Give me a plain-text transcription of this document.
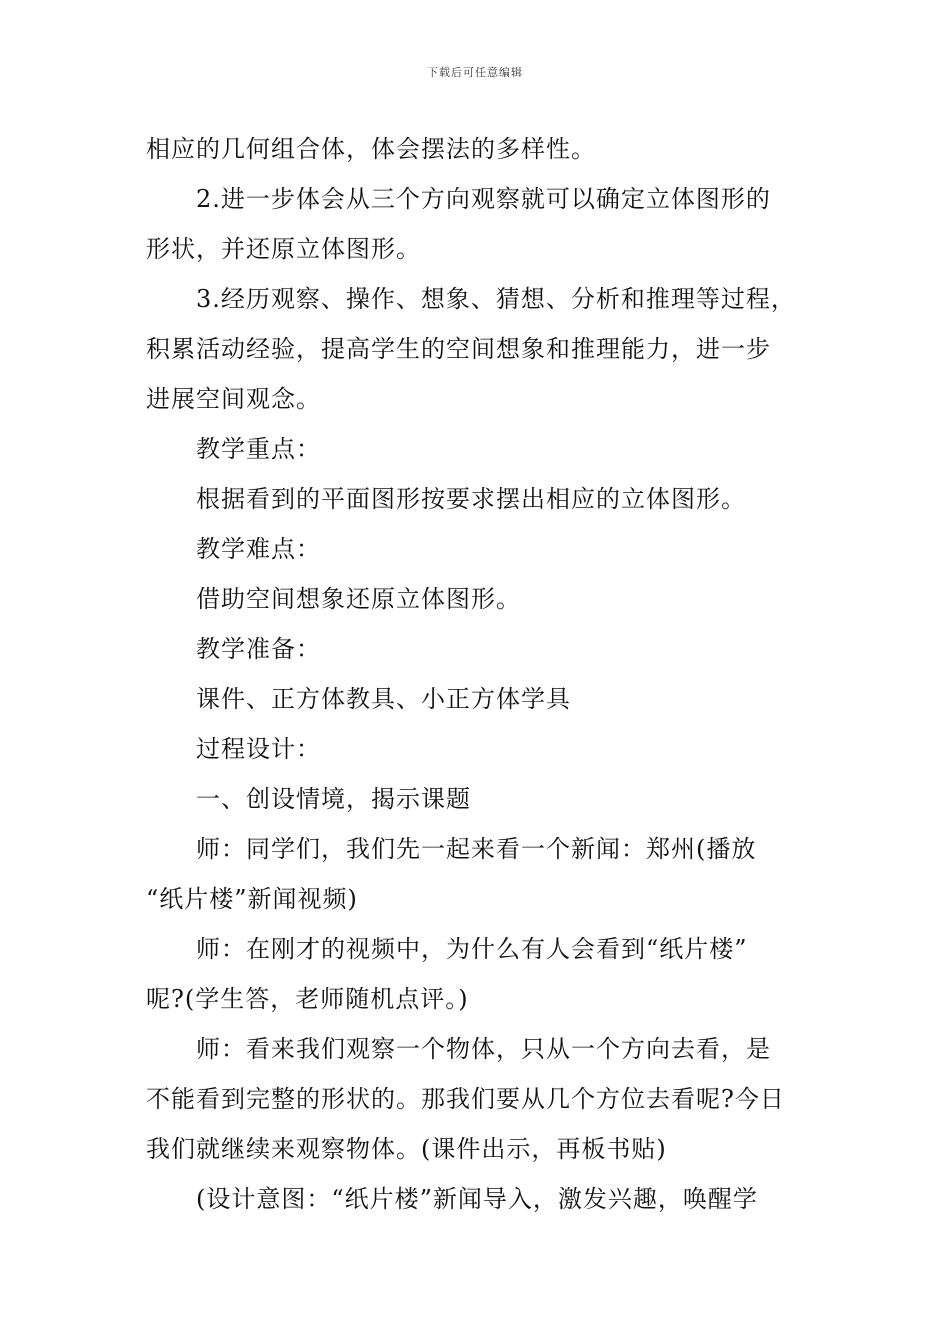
下载后可任意编辑
相应的几何组合体，体会摆法的多样性。
2.进一步体会从三个方向观察就可以确定立体图形的
形状，并还原立体图形。
3.经历观察、操作、想象、猜想、分析和推理等过程，
积累活动经验，提高学生的空间想象和推理能力，进一步
进展空间观念。
教学重点：
根据看到的平面图形按要求摆出相应的立体图形。
教学难点：
借助空间想象还原立体图形。
教学准备：
课件、正方体教具、小正方体学具
过程设计：
一、创设情境，揭示课题
师：同学们，我们先一起来看一个新闻：郑州(播放
“纸片楼”新闻视频)
师：在刚才的视频中，为什么有人会看到“纸片楼”
呢?(学生答，老师随机点评。)
师：看来我们观察一个物体，只从一个方向去看，是
不能看到完整的形状的。那我们要从几个方位去看呢?今日
我们就继续来观察物体。(课件出示，再板书贴)
(设计意图：“纸片楼”新闻导入，激发兴趣，唤醒学
